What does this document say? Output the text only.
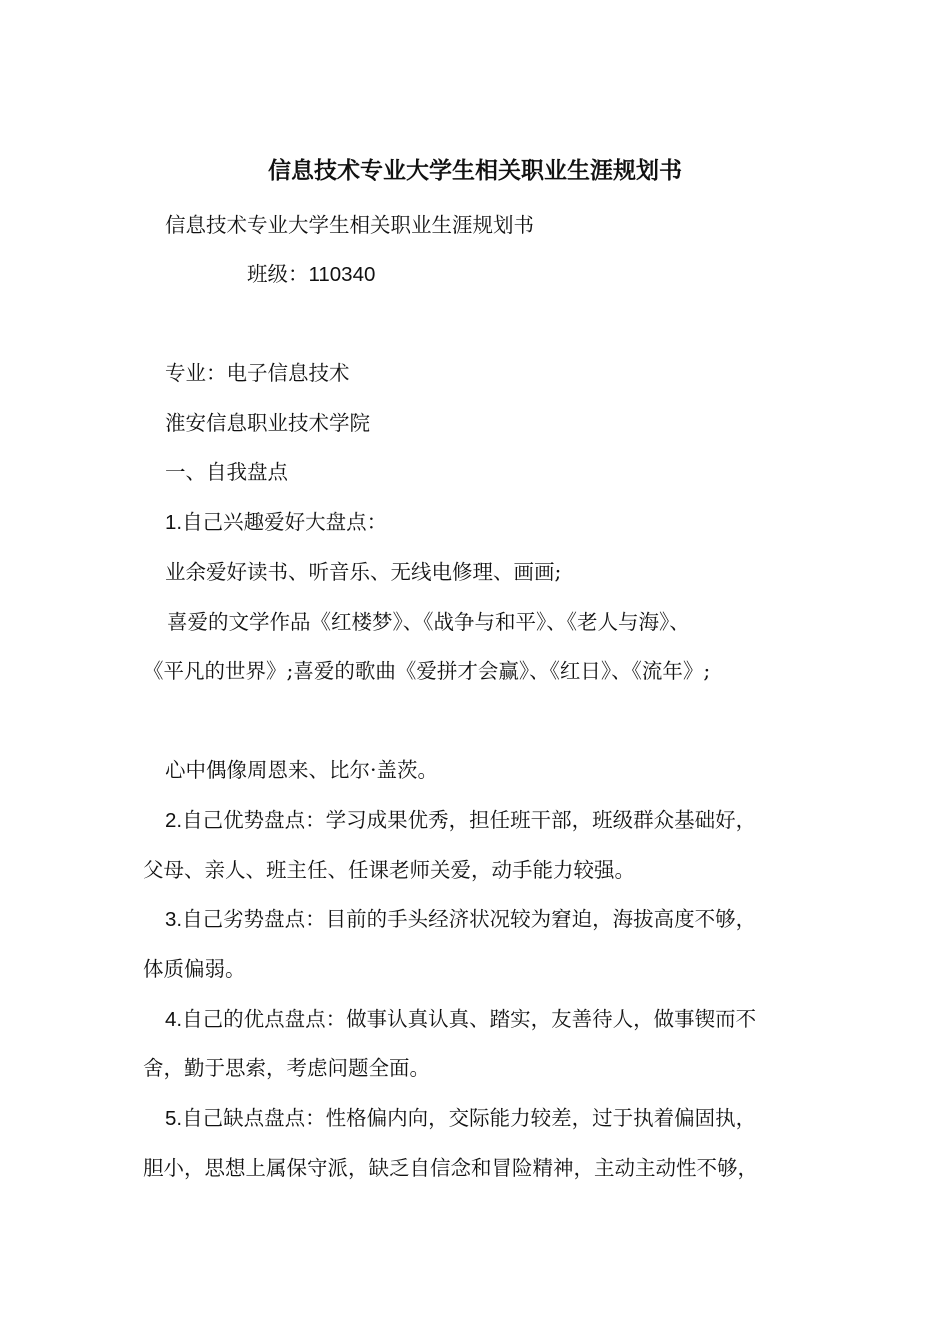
信息技术专业大学生相关职业生涯规划书

信息技术专业大学生相关职业生涯规划书

班级：110340

专业：电子信息技术

淮安信息职业技术学院

一、自我盘点

1.自己兴趣爱好大盘点：

业余爱好读书、听音乐、无线电修理、画画;

喜爱的文学作品《红楼梦》、《战争与和平》、《老人与海》、

《平凡的世界》;喜爱的歌曲《爱拼才会赢》、《红日》、《流年》;

心中偶像周恩来、比尔·盖茨。

2.自己优势盘点：学习成果优秀，担任班干部，班级群众基础好，

父母、亲人、班主任、任课老师关爱，动手能力较强。

3.自己劣势盘点：目前的手头经济状况较为窘迫，海拔高度不够，

体质偏弱。

4.自己的优点盘点：做事认真认真、踏实，友善待人，做事锲而不

舍，勤于思索，考虑问题全面。

5.自己缺点盘点：性格偏内向，交际能力较差，过于执着偏固执，

胆小，思想上属保守派，缺乏自信念和冒险精神，主动主动性不够，
